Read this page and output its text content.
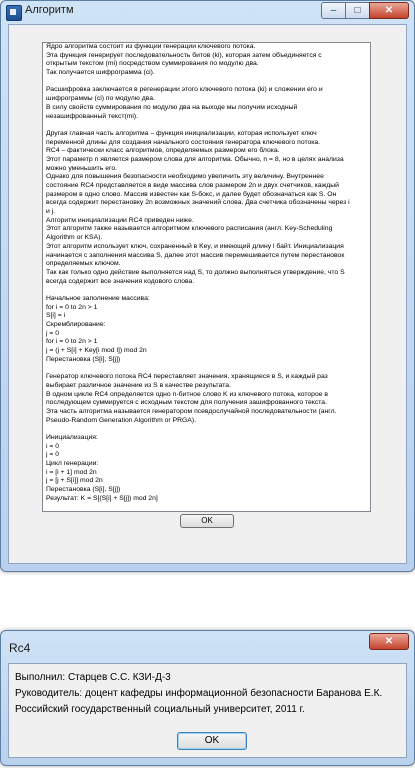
Алгоритм	–	□	✕
Ядро алгоритма состоит из функции генерации ключевого потока.
Эта функция генерирует последовательность битов (ki), которая затем объединяется с
открытым текстом (mi) посредством суммирования по модулю два.
Так получается шифрограмма (ci).
Расшифровка заключается в регенерации этого ключевого потока (ki) и сложении его и
шифрограммы (ci) по модулю два.
В силу свойств суммирования по модулю два на выходе мы получим исходный
незашифрованный текст(mi).
Другая главная часть алгоритма – функция инициализации, которая использует ключ
переменной длины для создания начального состояния генератора ключевого потока.
RC4 – фактически класс алгоритмов, определяемых размером его блока.
Этот параметр n является размером слова для алгоритма. Обычно, n = 8, но в целях анализа
можно уменьшить его.
Однако для повышения безопасности необходимо увеличить эту величину. Внутреннее
состояние RC4 представляется в виде массива слов размером 2n и двух счетчиков, каждый
размером в одно слово. Массив известен как S-бокс, и далее будет обозначаться как S. Он
всегда содержит перестановку 2n возможных значений слова. Два счетчика обозначены через i
и j.
Алгоритм инициализации RC4 приведен ниже.
Этот алгоритм также называется алгоритмом ключевого расписания (англ. Key-Scheduling
Algorithm or KSA).
Этот алгоритм использует ключ, сохраненный в Key, и имеющий длину l байт. Инициализация
начинается с заполнения массива S, далее этот массив перемешивается путем перестановок
определяемых ключом.
Так как только одно действие выполняется над S, то должно выполняться утверждение, что S
всегда содержит все значения кодового слова.
Начальное заполнение массива:
for i = 0 to 2n > 1
S[i] = i
Скремблирование:
j = 0
for i = 0 to 2n > 1
j = (j + S[i] + Key[i mod l]) mod 2n
Перестановка (S[i], S[j])
Генератор ключевого потока RC4 переставляет значения, хранящиеся в S, и каждый раз
выбирает различное значение из S в качестве результата.
В одном цикле RC4 определяется одно n-битное слово K из ключевого потока, которое в
последующем суммируется с исходным текстом для получения зашифрованного текста.
Эта часть алгоритма называется генератором псевдослучайной последовательности (англ.
Pseudo-Random Generation Algorithm or PRGA).
Инициализация:
i = 0
j = 0
Цикл генерации:
i = [i + 1] mod 2n
j = [j + S[i]] mod 2n
Перестановка (S[i], S[j])
Результат: K = S[(S[i] + S[j]) mod 2n]
OK
Rc4	✕
Выполнил: Старцев С.С. КЗИ-Д-3
Руководитель: доцент кафедры информационной безопасности Баранова Е.К.
Российский государственный социальный университет, 2011 г.
OK
